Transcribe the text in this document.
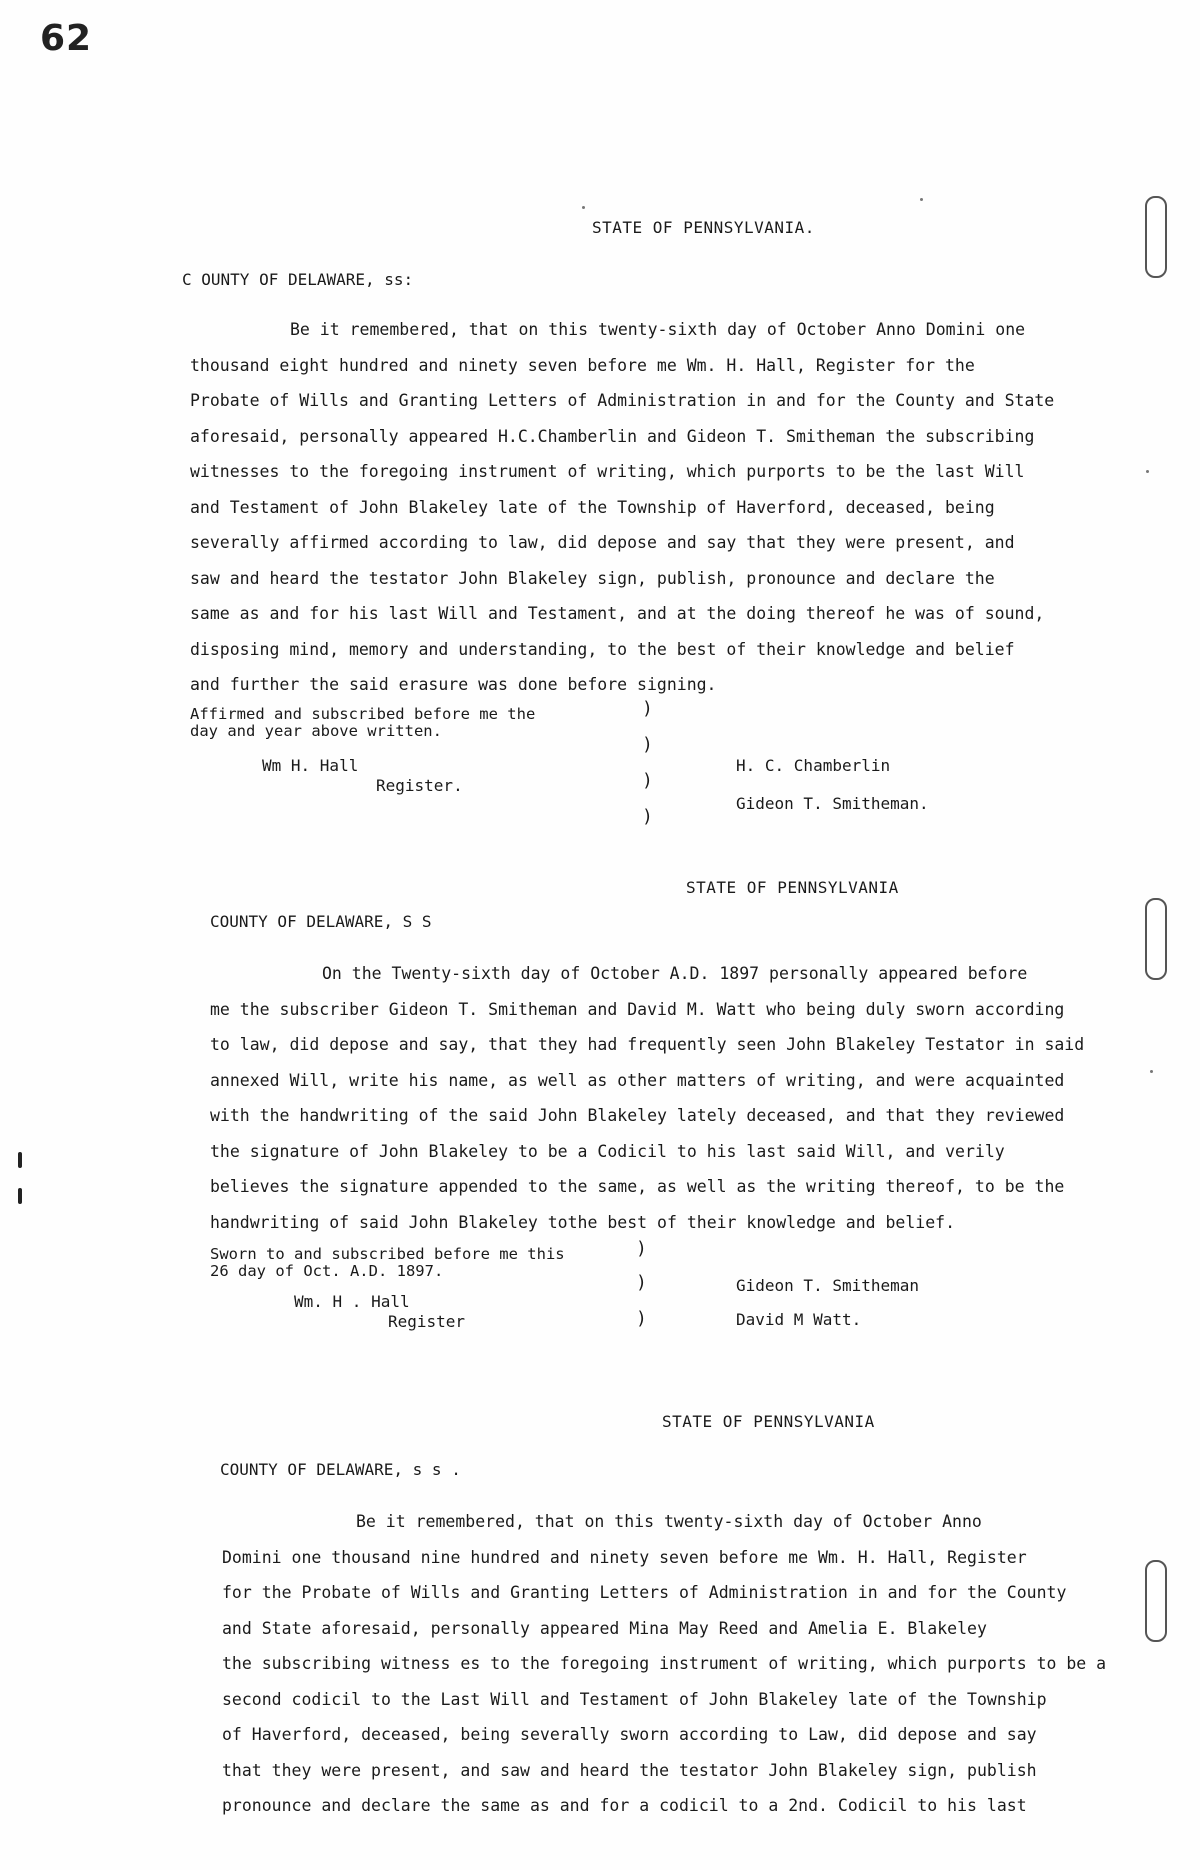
62
STATE OF PENNSYLVANIA.
C OUNTY OF DELAWARE, ss:

Be it remembered, that on this twenty-sixth day of October Anno Domini one

thousand eight hundred and ninety seven before me Wm. H. Hall, Register for the

Probate of Wills and Granting Letters of Administration in and for the County and State

aforesaid, personally appeared H.C.Chamberlin and Gideon T. Smitheman the subscribing

witnesses to the foregoing instrument of writing, which purports to be the last Will

and Testament of John Blakeley late of the Township of Haverford, deceased, being

severally affirmed according to law, did depose and say that they were present, and

saw and heard the testator John Blakeley sign, publish, pronounce and declare the

same as and for his last Will and Testament, and at the doing thereof he was of sound,

disposing mind, memory and understanding, to the best of their knowledge and belief

and further the said erasure was done before signing.

Affirmed and subscribed before me the
day and year above written.
)
)
)
)
Wm H. Hall
Register.
H. C. Chamberlin
Gideon T. Smitheman.
STATE OF PENNSYLVANIA
COUNTY OF DELAWARE, S S

On the Twenty-sixth day of October A.D. 1897 personally appeared before

me the subscriber Gideon T. Smitheman and David M. Watt who being duly sworn according

to law, did depose and say, that they had frequently seen John Blakeley Testator in said

annexed Will, write his name, as well as other matters of writing, and were acquainted

with the handwriting of the said John Blakeley lately deceased, and that they reviewed

the signature of John Blakeley to be a Codicil to his last said Will, and verily

believes the signature appended to the same, as well as the writing thereof, to be the

handwriting of said John Blakeley tothe best of their knowledge and belief.

Sworn to and subscribed before me this
26 day of Oct. A.D. 1897.
)
)
)
Wm. H . Hall
Register
Gideon T. Smitheman
David M Watt.
STATE OF PENNSYLVANIA
COUNTY OF DELAWARE, s s .

Be it remembered, that on this twenty-sixth day of October Anno

Domini one thousand nine hundred and ninety seven before me Wm. H. Hall, Register

for the Probate of Wills and Granting Letters of Administration in and for the County

and State aforesaid, personally appeared Mina May Reed and Amelia E. Blakeley

the subscribing witness es to the foregoing instrument of writing, which purports to be a

second codicil to the Last Will and Testament of John Blakeley late of the Township

of Haverford, deceased, being severally sworn according to Law, did depose and say

that they were present, and saw and heard the testator John Blakeley sign, publish

pronounce and declare the same as and for a codicil to a 2nd. Codicil to his last
